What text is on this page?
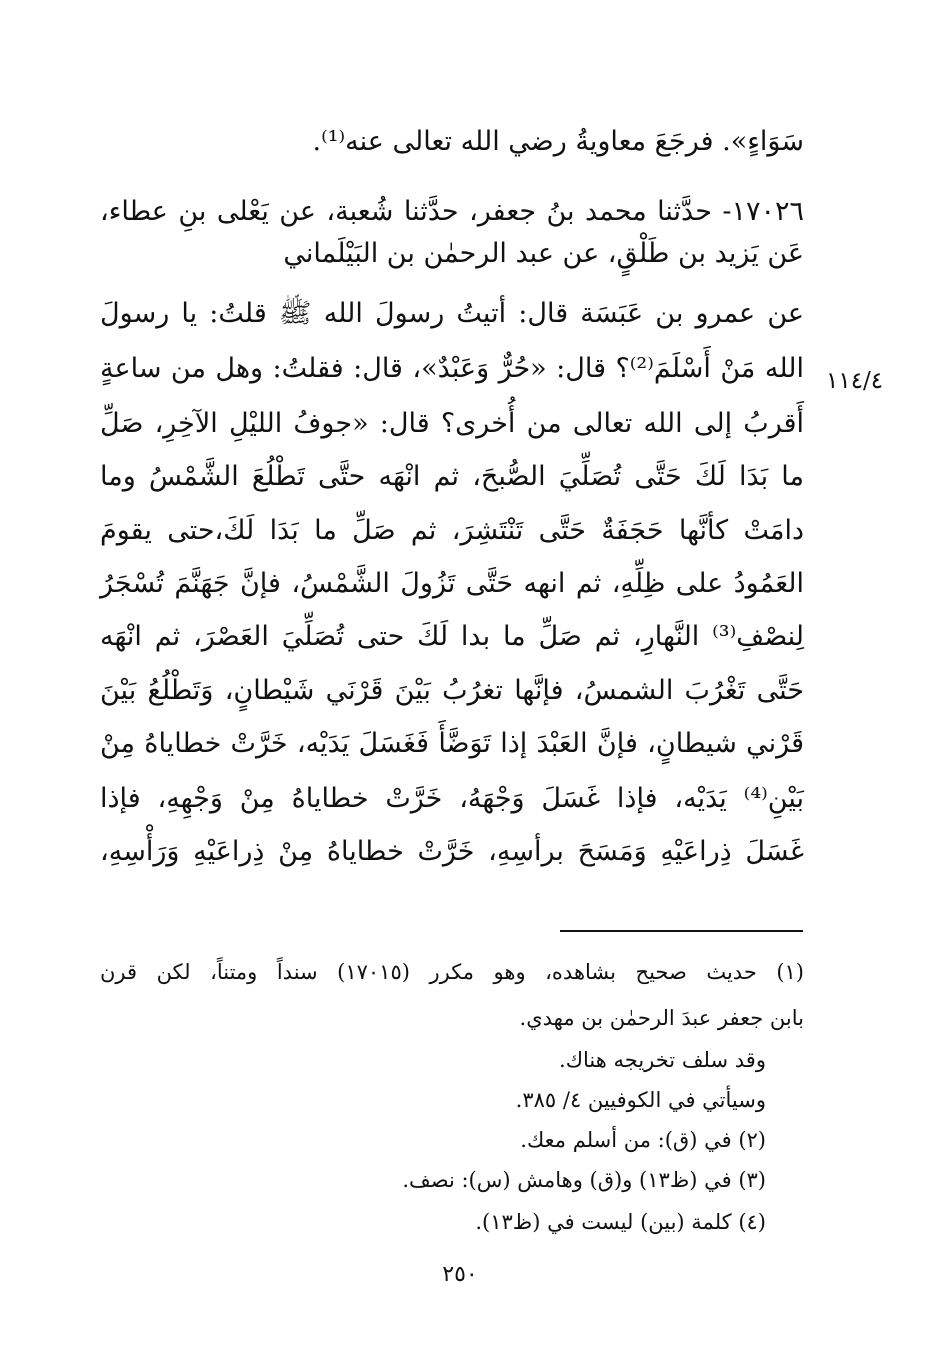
١١٤/٤
سَوَاءٍ». فرجَعَ معاويةُ رضي الله تعالى عنه⁽¹⁾.
١٧٠٢٦- حدَّثنا محمد بنُ جعفر، حدَّثنا شُعبة، عن يَعْلى بنِ عطاء،
عَن يَزيد بن طَلْقٍ، عن عبد الرحمٰن بن البَيْلَماني
عن عمرو بن عَبَسَة قال: أتيتُ رسولَ الله ﷺ قلتُ: يا رسولَ
الله مَنْ أَسْلَمَ⁽²⁾؟ قال: «حُرٌّ وَعَبْدٌ»، قال: فقلتُ: وهل من ساعةٍ
أَقربُ إلى الله تعالى من أُخرى؟ قال: «جوفُ الليْلِ الآخِرِ، صَلِّ
ما بَدَا لَكَ حَتَّى تُصَلِّيَ الصُّبحَ، ثم انْهَه حتَّى تَطْلُعَ الشَّمْسُ وما
دامَتْ كأنَّها حَجَفَةٌ حَتَّى تَنْتَشِرَ، ثم صَلِّ ما بَدَا لَكَ،حتى يقومَ
العَمُودُ على ظِلِّهِ، ثم انهه حَتَّى تَزُولَ الشَّمْسُ، فإنَّ جَهَنَّمَ تُسْجَرُ
لِنصْفِ⁽³⁾ النَّهارِ، ثم صَلِّ ما بدا لَكَ حتى تُصَلِّيَ العَصْرَ، ثم انْهَه
حَتَّى تَغْرُبَ الشمسُ، فإنَّها تغرُبُ بَيْنَ قَرْنَي شَيْطانٍ، وَتَطْلُعُ بَيْنَ
قَرْني شيطانٍ، فإنَّ العَبْدَ إذا تَوَضَّأَ فَغَسَلَ يَدَيْه، خَرَّتْ خطاياهُ مِنْ
بَيْنِ⁽⁴⁾ يَدَيْه، فإذا غَسَلَ وَجْهَهُ، خَرَّتْ خطاياهُ مِنْ وَجْهِهِ، فإذا
غَسَلَ ذِراعَيْهِ وَمَسَحَ برأسِهِ، خَرَّتْ خطاياهُ مِنْ ذِراعَيْهِ وَرَأْسِهِ،
(١) حديث صحيح بشاهده، وهو مكرر (١٧٠١٥) سنداً ومتناً، لكن قرن
بابن جعفر عبدَ الرحمٰن بن مهدي.
وقد سلف تخريجه هناك.
وسيأتي في الكوفيين ٤/ ٣٨٥.
(٢) في (ق): من أسلم معك.
(٣) في (ظ١٣) و(ق) وهامش (س): نصف.
(٤) كلمة (بين) ليست في (ظ١٣).
٢٥٠
